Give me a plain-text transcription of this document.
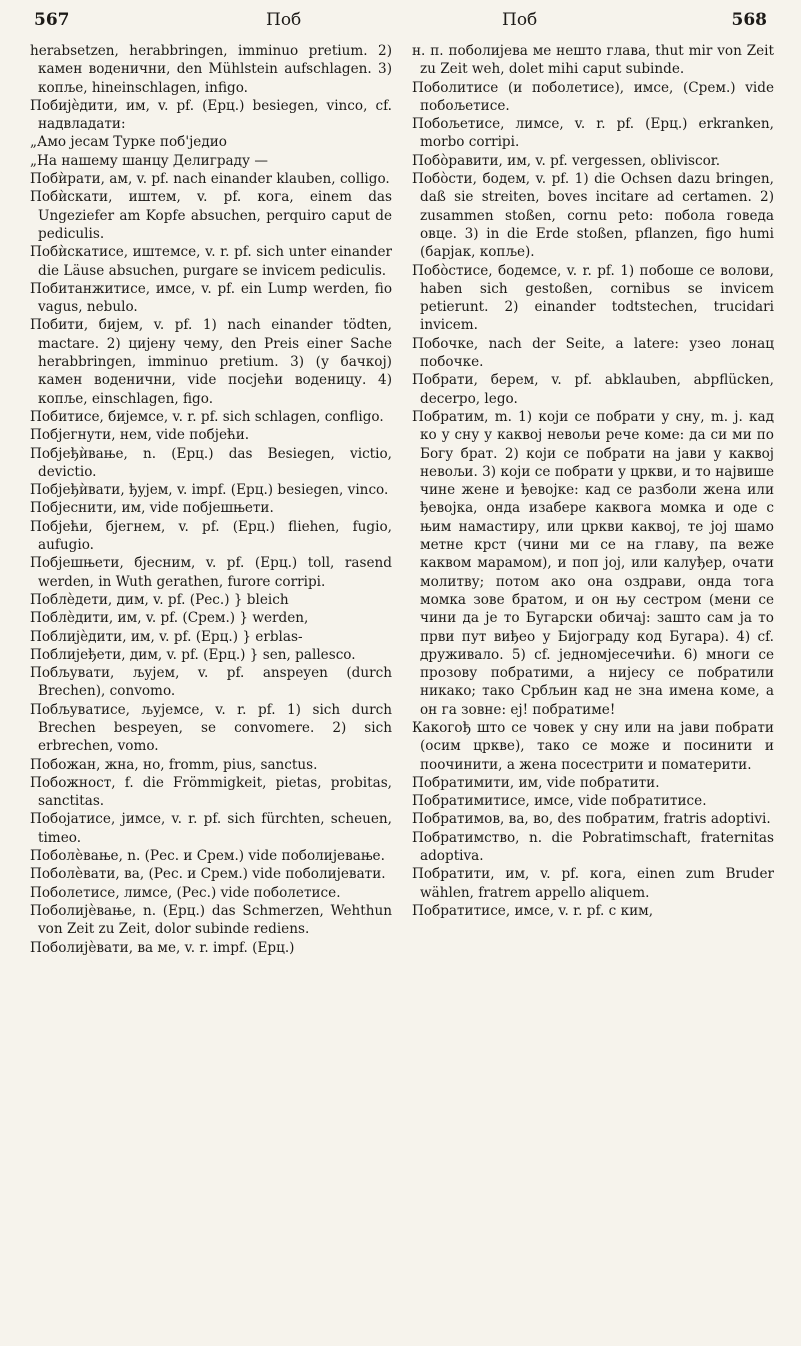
567	Поб	Поб	568

herabsetzen, herabbringen, imminuo pretium. 2) камен воденични, den Mühlstein aufschlagen. 3) копље, hineinschlagen, infigo.

Побијèдити, им, v. pf. (Ерц.) besiegen, vinco, cf. надвладати:

„Амо јесам Турке поб'једио

„На нашему шанцу Делиграду —

Побѝрати, ам, v. pf. nach einander klauben, colligo.

Побѝскати, иштем, v. pf. кога, einem das Ungeziefer am Kopfe absuchen, perquiro caput de pediculis.

Побѝскатисе, иштемсе, v. r. pf. sich unter einander die Läuse absuchen, purgare se invicem pediculis.

Побитанжитисе, имсе, v. pf. ein Lump werden, fio vagus, nebulo.

Побити, бијем, v. pf. 1) nach einander tödten, mactare. 2) цијену чему, den Preis einer Sache herabbringen, imminuo pretium. 3) (у бачкој) камен воденични, vide посјећи воденицу. 4) копље, einschlagen, figo.

Побитисе, бијемсе, v. r. pf. sich schlagen, confligo.

Побјегнути, нем, vide побјећи.

Побјеђѝвање, n. (Ерц.) das Besiegen, victio, devictio.

Побјеђѝвати, ђујем, v. impf. (Ерц.) besiegen, vinco.

Побјеснити, им, vide побјешњети.

Побјећи, бјегнем, v. pf. (Ерц.) fliehen, fugio, aufugio.

Побјешњети, бјесним, v. pf. (Ерц.) toll, rasend werden, in Wuth gerathen, furore corripi.

Поблèдети, дим, v. pf. (Рес.) } bleich

Поблèдити, им, v. pf. (Срем.) } werden,

Поблијèдити, им, v. pf. (Ерц.) } erblas-

Поблијеђети, дим, v. pf. (Ерц.) } sen, pallesco.

Побљувати, љујем, v. pf. anspeyen (durch Brechen), convomo.

Побљуватисе, љујемсе, v. r. pf. 1) sich durch Brechen bespeyen, se convomere. 2) sich erbrechen, vomo.

Побожан, жна, но, fromm, pius, sanctus.

Побожност, f. die Frömmigkeit, pietas, probitas, sanctitas.

Побојатисе, јимсе, v. r. pf. sich fürchten, scheuen, timeo.

Поболèвање, n. (Рес. и Срем.) vide поболијевање.

Поболèвати, ва, (Рес. и Срем.) vide поболијевати.

Поболетисе, лимсе, (Рес.) vide поболетисе.

Поболијèвање, n. (Ерц.) das Schmerzen, Wehthun von Zeit zu Zeit, dolor subinde rediens.

Поболијèвати, ва ме, v. r. impf. (Ерц.)

н. п. поболијева ме нешто глава, thut mir von Zeit zu Zeit weh, dolet mihi caput subinde.

Поболитисе (и поболетисе), имсе, (Срем.) vide побољетисе.

Побољетисе, лимсе, v. r. pf. (Ерц.) erkranken, morbo corripi.

Побòравити, им, v. pf. vergessen, obliviscor.

Побòсти, бодем, v. pf. 1) die Ochsen dazu bringen, daß sie streiten, boves incitare ad certamen. 2) zusammen stoßen, cornu peto: побола говеда овце. 3) in die Erde stoßen, pflanzen, figo humi (барјак, копље).

Побòстисе, бодемсе, v. r. pf. 1) побоше се волови, haben sich gestoßen, cornibus se invicem petierunt. 2) einander todtstechen, trucidari invicem.

Побочке, nach der Seite, a latere: узео лонац побочке.

Побрати, берем, v. pf. abklauben, abpflücken, decerpo, lego.

Побратим, m. 1) који се побрати у сну, m. j. кад ко у сну у каквој невољи рече коме: да си ми по Богу брат. 2) који се побрати на јави у каквој невољи. 3) који се побрати у цркви, и то највише чине жене и ђевојке: кад се разболи жена или ђевојка, онда изабере каквога момка и оде с њим намастиру, или цркви каквој, те јој шамо метне крст (чини ми се на главу, па веже каквом марамом), и поп јој, или калуђер, очати молитву; потом ако она оздрави, онда тога момка зове братом, и он њу сестром (мени се чини да је то Бугарски обичај: зашто сам ја то први пут виђео у Бијограду код Бугара). 4) cf. друживало. 5) cf. једномјесечићи. 6) многи се прозову побратими, а нијесу се побратили никако; тако Србљин кад не зна имена коме, а он га зовне: еј! побратиме!

Какогођ што се човек у сну или на јави побрати (осим цркве), тако се може и посинити и поочинити, а жена посестрити и поматерити.

Побратимити, им, vide побратити.

Побратимитисе, имсе, vide побратитисе.

Побратимов, ва, во, des побратим, fratris adoptivi.

Побратимство, n. die Pobratimschaft, fraternitas adoptiva.

Побратити, им, v. pf. кога, einen zum Bruder wählen, fratrem appello aliquem.

Побратитисе, имсе, v. r. pf. с ким,
